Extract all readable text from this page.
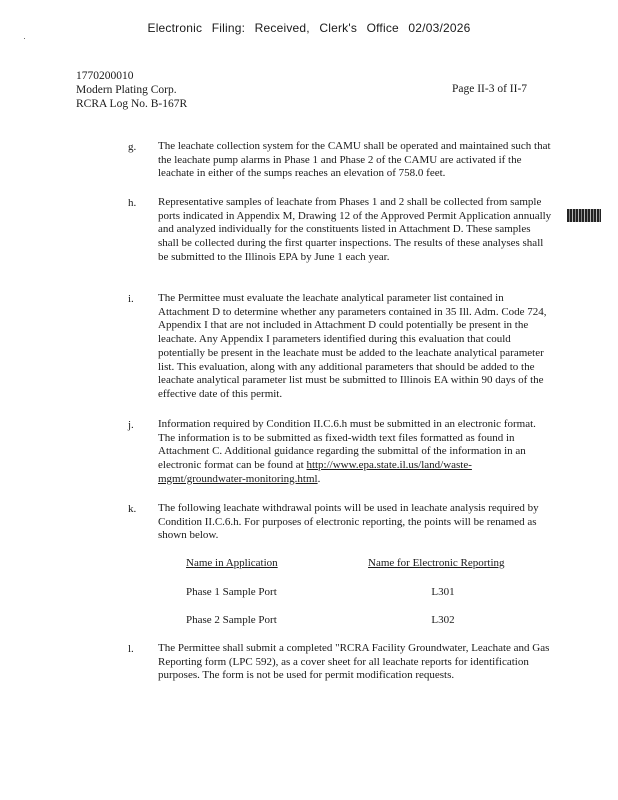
Electronic Filing: Received, Clerk's Office 02/03/2026
1770200010
Modern Plating Corp.
RCRA Log No. B-167R
Page II-3 of II-7
g. The leachate collection system for the CAMU shall be operated and maintained such that the leachate pump alarms in Phase 1 and Phase 2 of the CAMU are activated if the leachate in either of the sumps reaches an elevation of 758.0 feet.
h. Representative samples of leachate from Phases 1 and 2 shall be collected from sample ports indicated in Appendix M, Drawing 12 of the Approved Permit Application annually and analyzed individually for the constituents listed in Attachment D. These samples shall be collected during the first quarter inspections. The results of these analyses shall be submitted to the Illinois EPA by June 1 each year.
i. The Permittee must evaluate the leachate analytical parameter list contained in Attachment D to determine whether any parameters contained in 35 Ill. Adm. Code 724, Appendix I that are not included in Attachment D could potentially be present in the leachate. Any Appendix I parameters identified during this evaluation that could potentially be present in the leachate must be added to the leachate analytical parameter list. This evaluation, along with any additional parameters that should be added to the leachate analytical parameter list must be submitted to Illinois EA within 90 days of the effective date of this permit.
j. Information required by Condition II.C.6.h must be submitted in an electronic format. The information is to be submitted as fixed-width text files formatted as found in Attachment C. Additional guidance regarding the submittal of the information in an electronic format can be found at http://www.epa.state.il.us/land/waste-mgmt/groundwater-monitoring.html.
k. The following leachate withdrawal points will be used in leachate analysis required by Condition II.C.6.h. For purposes of electronic reporting, the points will be renamed as shown below.
Name in Application	Name for Electronic Reporting
Phase 1 Sample Port	L301
Phase 2 Sample Port	L302
l. The Permittee shall submit a completed "RCRA Facility Groundwater, Leachate and Gas Reporting form (LPC 592), as a cover sheet for all leachate reports for identification purposes. The form is not be used for permit modification requests.
